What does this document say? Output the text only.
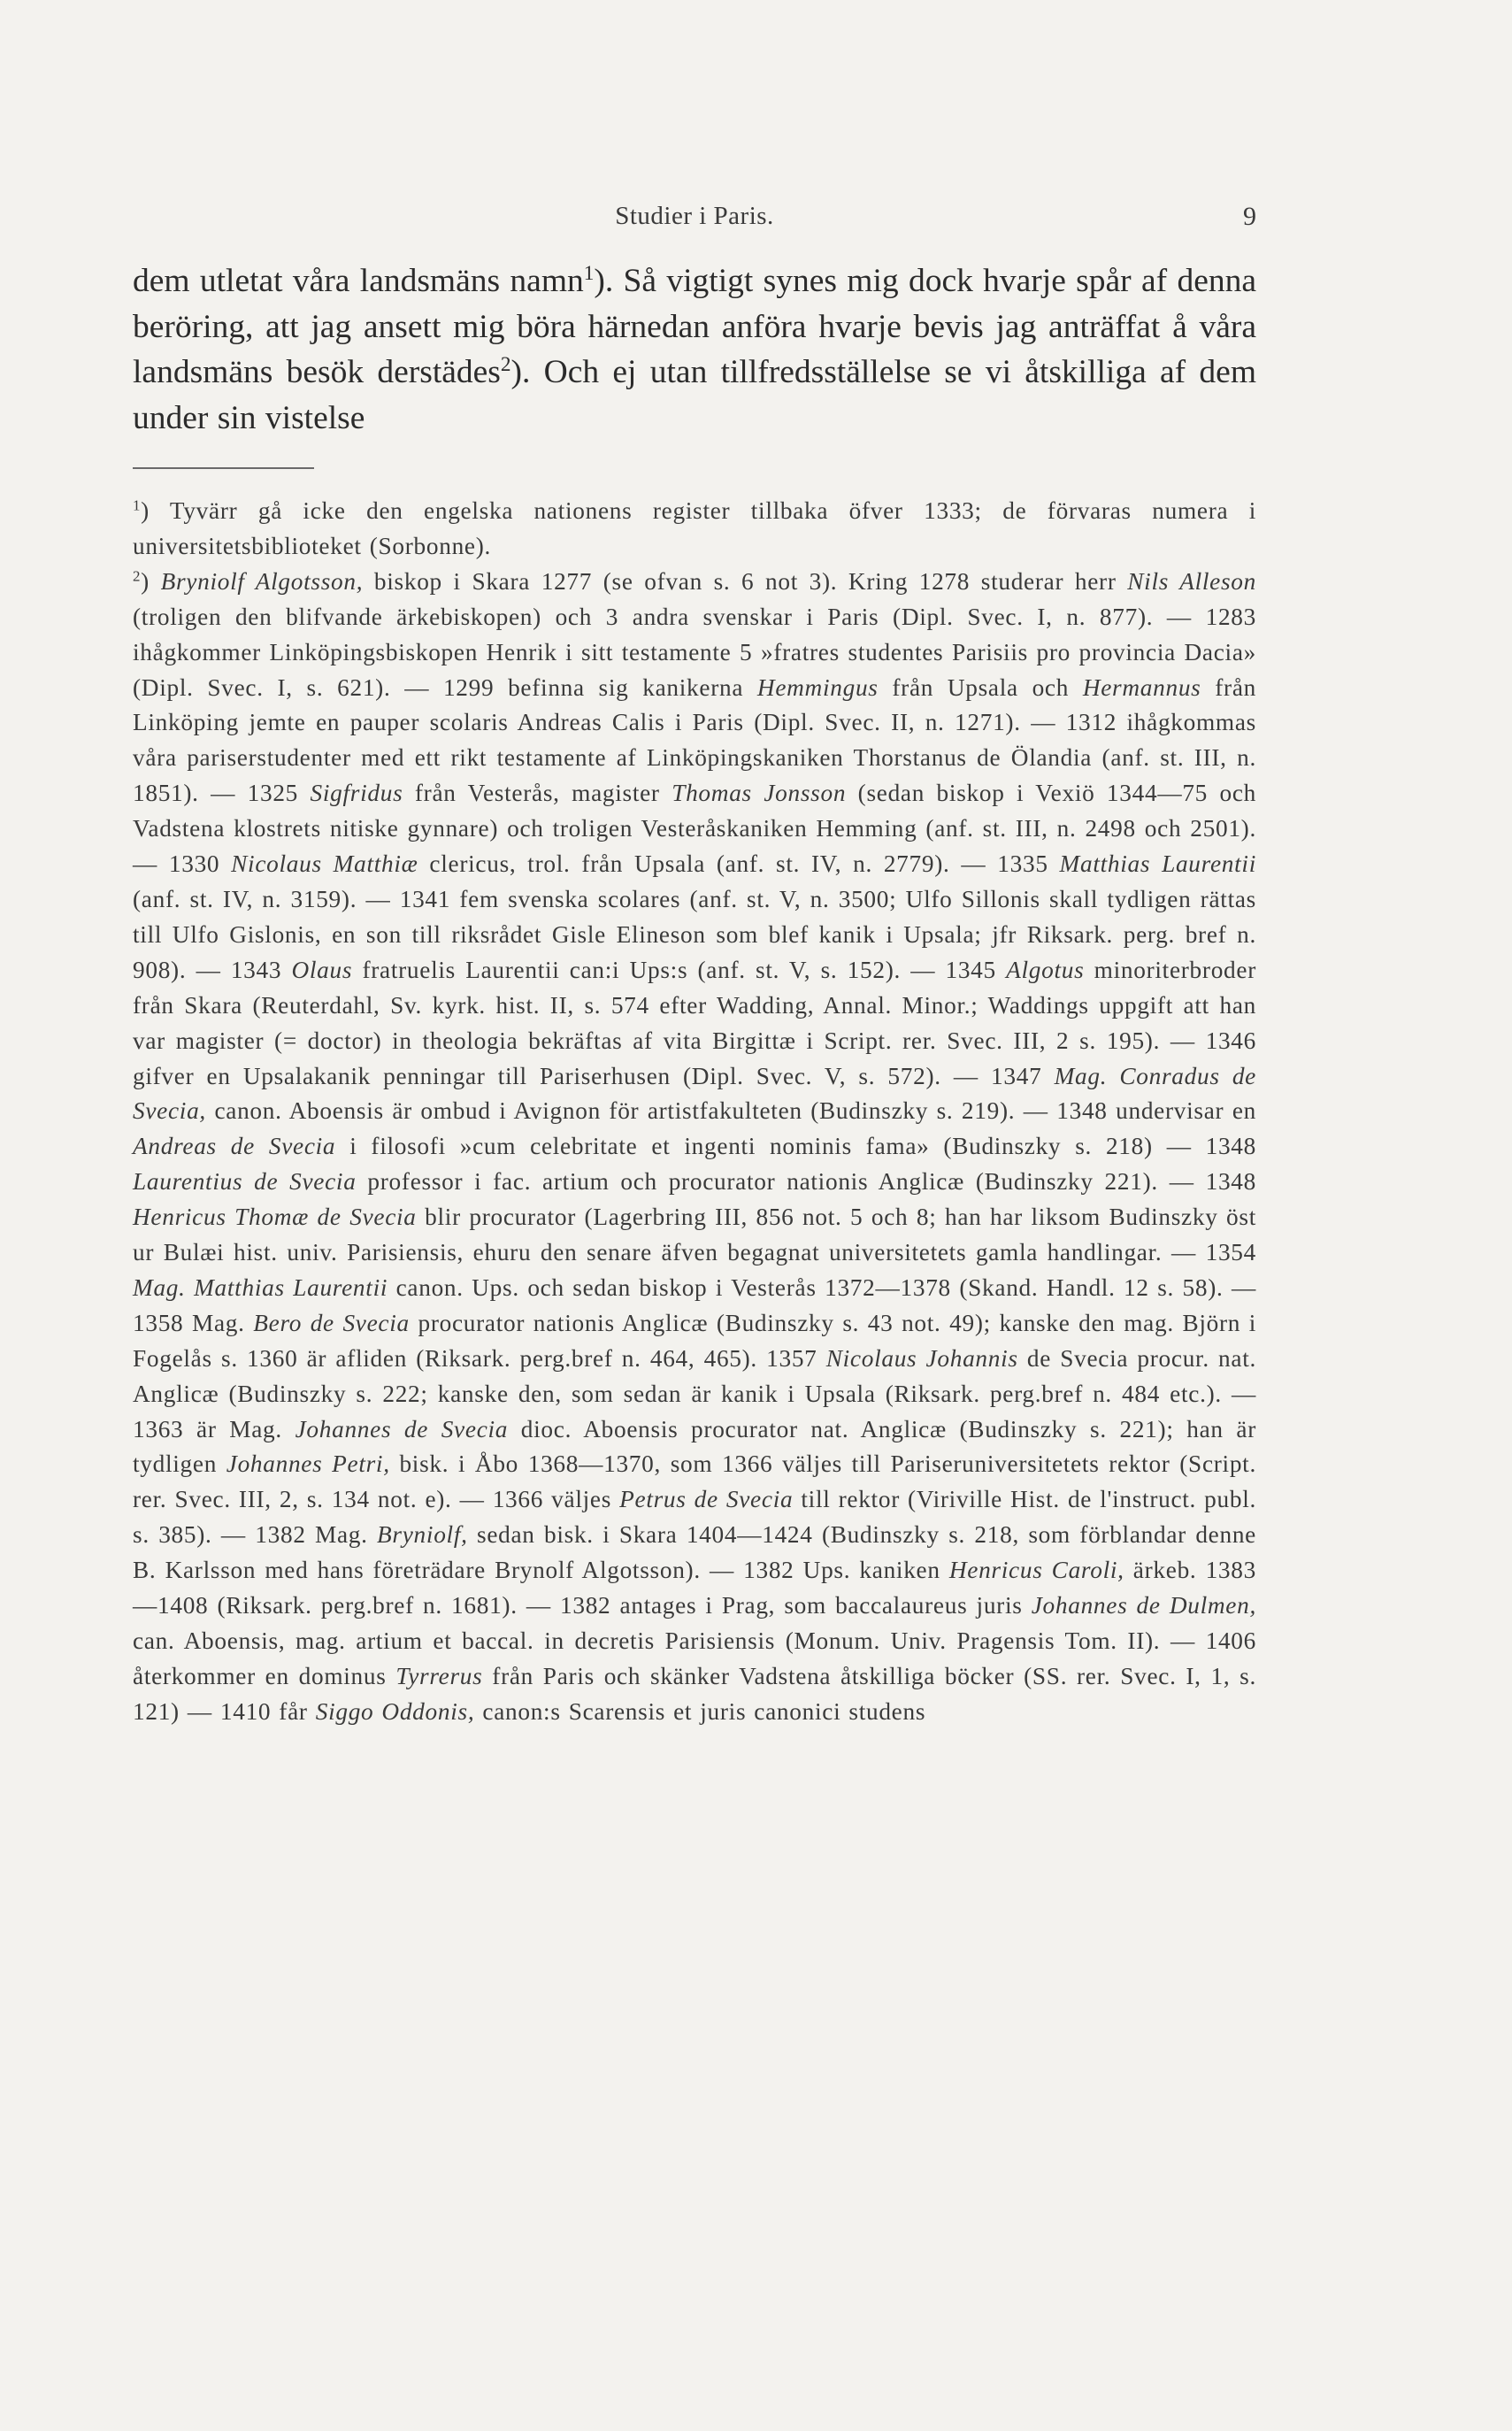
Studier i Paris.	9

dem utletat våra landsmäns namn$^1$). Så vigtigt synes mig dock hvarje spår af denna beröring, att jag ansett mig böra härnedan anföra hvarje bevis jag anträffat å våra landsmäns besök derstädes$^2$). Och ej utan tillfredsställelse se vi åtskilliga af dem under sin vistelse

$^1$) Tyvärr gå icke den engelska nationens register tillbaka öfver 1333; de förvaras numera i universitetsbiblioteket (Sorbonne).

$^2$) Bryniolf Algotsson, biskop i Skara 1277 (se ofvan s. 6 not 3). Kring 1278 studerar herr Nils Alleson (troligen den blifvande ärkebiskopen) och 3 andra svenskar i Paris (Dipl. Svec. I, n. 877). — 1283 ihågkommer Linköpingsbiskopen Henrik i sitt testamente 5 »fratres studentes Parisiis pro provincia Dacia» (Dipl. Svec. I, s. 621). — 1299 befinna sig kanikerna Hemmingus från Upsala och Hermannus från Linköping jemte en pauper scolaris Andreas Calis i Paris (Dipl. Svec. II, n. 1271). — 1312 ihågkommas våra pariserstudenter med ett rikt testamente af Linköpingskaniken Thorstanus de Ölandia (anf. st. III, n. 1851). — 1325 Sigfridus från Vesterås, magister Thomas Jonsson (sedan biskop i Vexiö 1344—75 och Vadstena klostrets nitiske gynnare) och troligen Vesteråskaniken Hemming (anf. st. III, n. 2498 och 2501). — 1330 Nicolaus Matthiæ clericus, trol. från Upsala (anf. st. IV, n. 2779). — 1335 Matthias Laurentii (anf. st. IV, n. 3159). — 1341 fem svenska scolares (anf. st. V, n. 3500; Ulfo Sillonis skall tydligen rättas till Ulfo Gislonis, en son till riksrådet Gisle Elineson som blef kanik i Upsala; jfr Riksark. perg. bref n. 908). — 1343 Olaus fratruelis Laurentii can:i Ups:s (anf. st. V, s. 152). — 1345 Algotus minoriterbroder från Skara (Reuterdahl, Sv. kyrk. hist. II, s. 574 efter Wadding, Annal. Minor.; Waddings uppgift att han var magister (= doctor) in theologia bekräftas af vita Birgittæ i Script. rer. Svec. III, 2 s. 195). — 1346 gifver en Upsalakanik penningar till Pariserhusen (Dipl. Svec. V, s. 572). — 1347 Mag. Conradus de Svecia, canon. Aboensis är ombud i Avignon för artistfakulteten (Budinszky s. 219). — 1348 undervisar en Andreas de Svecia i filosofi »cum celebritate et ingenti nominis fama» (Budinszky s. 218) — 1348 Laurentius de Svecia professor i fac. artium och procurator nationis Anglicæ (Budinszky 221). — 1348 Henricus Thomæ de Svecia blir procurator (Lagerbring III, 856 not. 5 och 8; han har liksom Budinszky öst ur Bulæi hist. univ. Parisiensis, ehuru den senare äfven begagnat universitetets gamla handlingar. — 1354 Mag. Matthias Laurentii canon. Ups. och sedan biskop i Vesterås 1372—1378 (Skand. Handl. 12 s. 58). — 1358 Mag. Bero de Svecia procurator nationis Anglicæ (Budinszky s. 43 not. 49); kanske den mag. Björn i Fogelås s. 1360 är afliden (Riksark. perg.bref n. 464, 465). 1357 Nicolaus Johannis de Svecia procur. nat. Anglicæ (Budinszky s. 222; kanske den, som sedan är kanik i Upsala (Riksark. perg.bref n. 484 etc.). — 1363 är Mag. Johannes de Svecia dioc. Aboensis procurator nat. Anglicæ (Budinszky s. 221); han är tydligen Johannes Petri, bisk. i Åbo 1368—1370, som 1366 väljes till Pariseruniversitetets rektor (Script. rer. Svec. III, 2, s. 134 not. e). — 1366 väljes Petrus de Svecia till rektor (Viriville Hist. de l'instruct. publ. s. 385). — 1382 Mag. Bryniolf, sedan bisk. i Skara 1404—1424 (Budinszky s. 218, som förblandar denne B. Karlsson med hans företrädare Brynolf Algotsson). — 1382 Ups. kaniken Henricus Caroli, ärkeb. 1383—1408 (Riksark. perg.bref n. 1681). — 1382 antages i Prag, som baccalaureus juris Johannes de Dulmen, can. Aboensis, mag. artium et baccal. in decretis Parisiensis (Monum. Univ. Pragensis Tom. II). — 1406 återkommer en dominus Tyrrerus från Paris och skänker Vadstena åtskilliga böcker (SS. rer. Svec. I, 1, s. 121) — 1410 får Siggo Oddonis, canon:s Scarensis et juris canonici studens
